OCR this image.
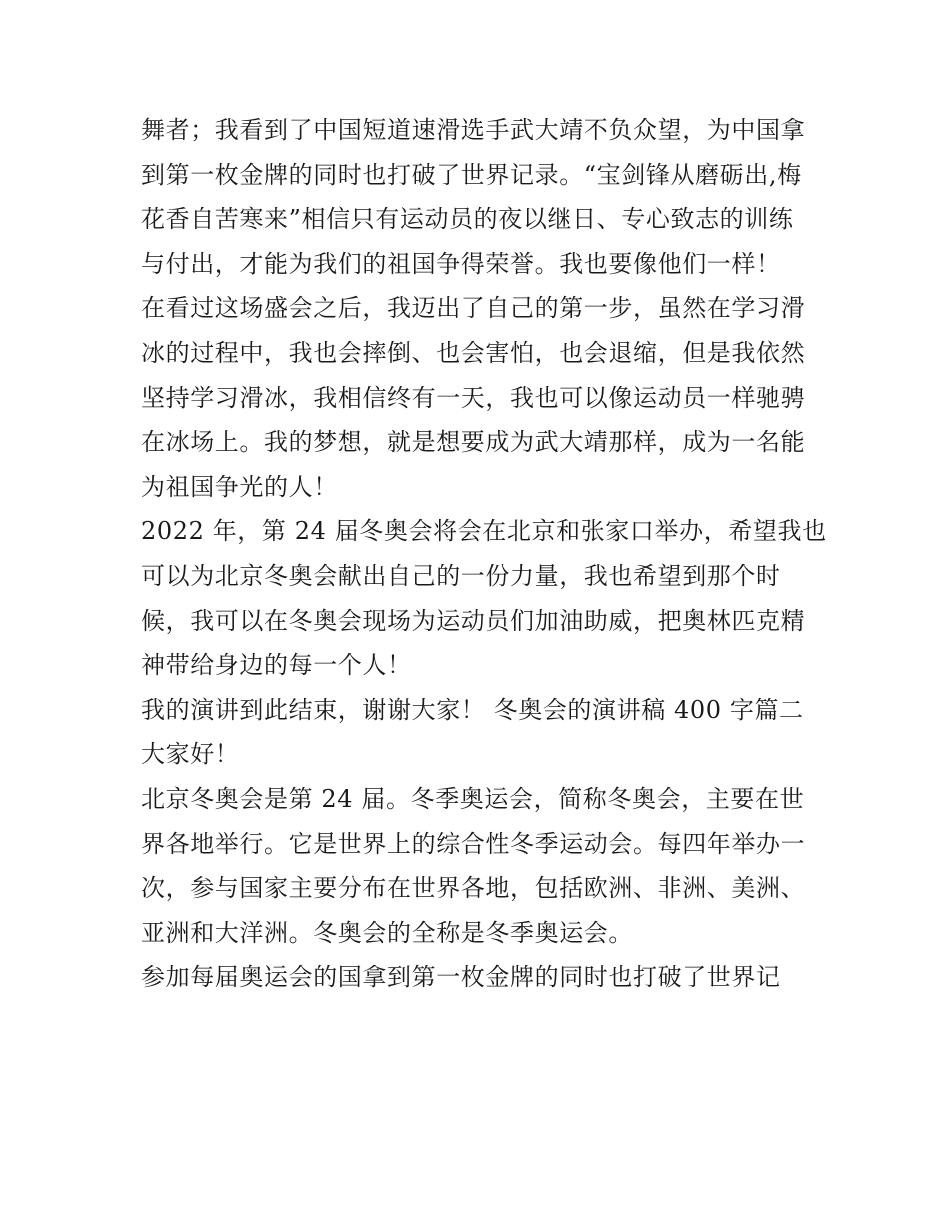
舞者；我看到了中国短道速滑选手武大靖不负众望，为中国拿
到第一枚金牌的同时也打破了世界记录。“宝剑锋从磨砺出,梅
花香自苦寒来”相信只有运动员的夜以继日、专心致志的训练
与付出，才能为我们的祖国争得荣誉。我也要像他们一样！
在看过这场盛会之后，我迈出了自己的第一步，虽然在学习滑
冰的过程中，我也会摔倒、也会害怕，也会退缩，但是我依然
坚持学习滑冰，我相信终有一天，我也可以像运动员一样驰骋
在冰场上。我的梦想，就是想要成为武大靖那样，成为一名能
为祖国争光的人！
2022 年，第 24 届冬奥会将会在北京和张家口举办，希望我也
可以为北京冬奥会献出自己的一份力量，我也希望到那个时
候，我可以在冬奥会现场为运动员们加油助威，把奥林匹克精
神带给身边的每一个人！
我的演讲到此结束，谢谢大家！ 冬奥会的演讲稿 400 字篇二
大家好！
北京冬奥会是第 24 届。冬季奥运会，简称冬奥会，主要在世
界各地举行。它是世界上的综合性冬季运动会。每四年举办一
次，参与国家主要分布在世界各地，包括欧洲、非洲、美洲、
亚洲和大洋洲。冬奥会的全称是冬季奥运会。
参加每届奥运会的国拿到第一枚金牌的同时也打破了世界记
